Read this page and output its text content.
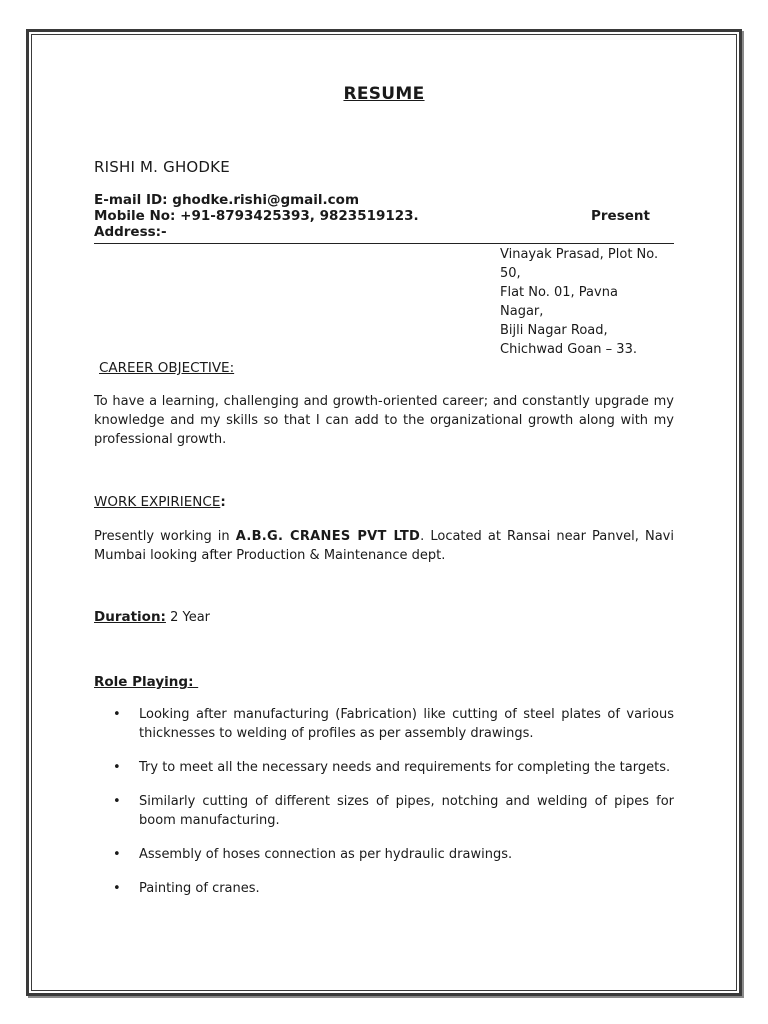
RESUME
RISHI M. GHODKE
E-mail ID: ghodke.rishi@gmail.com
Mobile No: +91-8793425393, 9823519123.
Address:-
Present
Vinayak Prasad, Plot No.
50,
Flat No. 01, Pavna
Nagar,
Bijli Nagar Road,
Chichwad Goan – 33.
CAREER OBJECTIVE:
To have a learning, challenging and growth-oriented career; and constantly upgrade my knowledge and my skills so that I can add to the organizational growth along with my professional growth.
WORK EXPIRIENCE:
Presently working in A.B.G. CRANES PVT LTD. Located at Ransai near Panvel, Navi Mumbai looking after Production & Maintenance dept.
Duration: 2 Year
Role Playing:
• Looking after manufacturing (Fabrication) like cutting of steel plates of various thicknesses to welding of profiles as per assembly drawings.
• Try to meet all the necessary needs and requirements for completing the targets.
• Similarly cutting of different sizes of pipes, notching and welding of pipes for boom manufacturing.
• Assembly of hoses connection as per hydraulic drawings.
• Painting of cranes.
